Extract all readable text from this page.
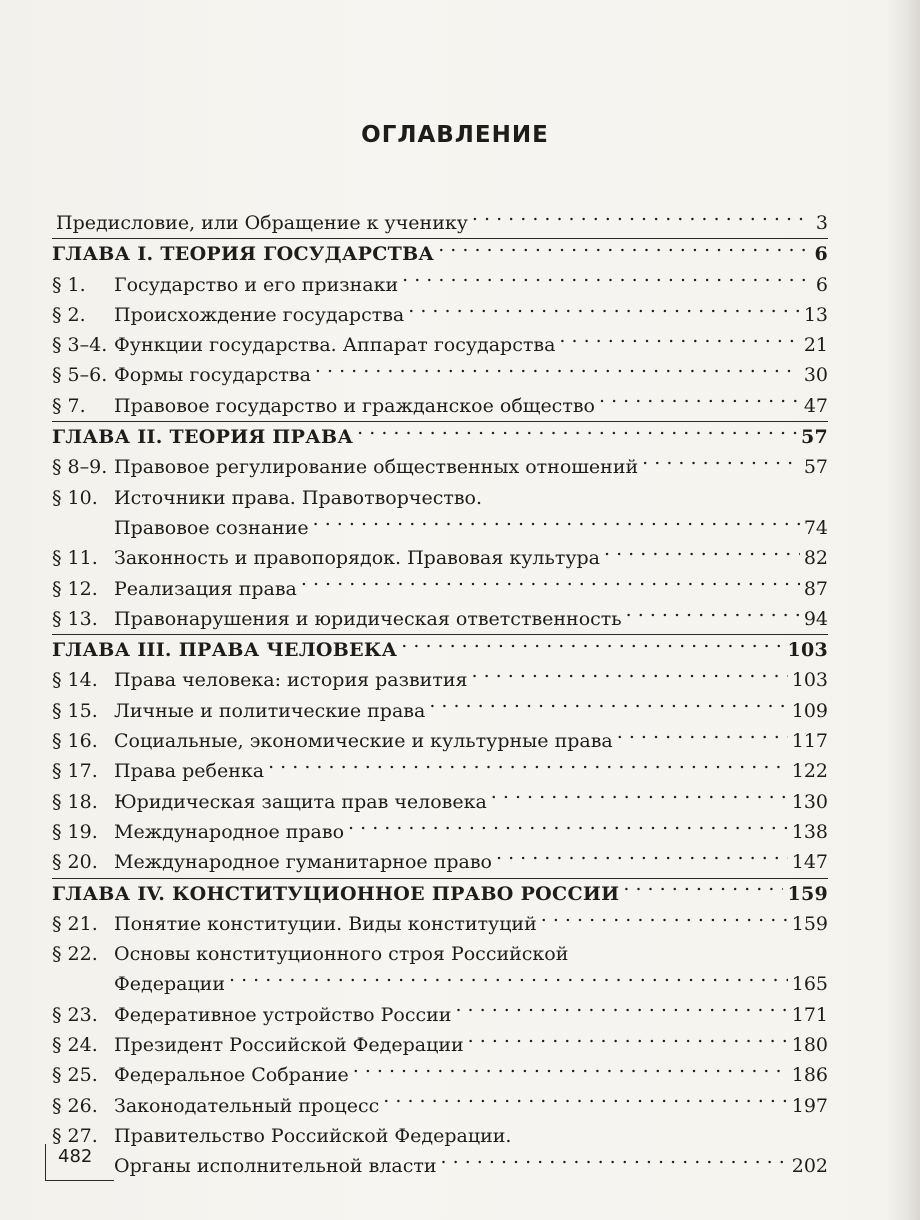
ОГЛАВЛЕНИЕ
Предисловие, или Обращение к ученику . . .	3
ГЛАВА I. ТЕОРИЯ ГОСУДАРСТВА . . .	6
§ 1.	Государство и его признаки . . .	6
§ 2.	Происхождение государства . . .	13
§ 3–4. Функции государства. Аппарат государства . . .	21
§ 5–6. Формы государства . . .	30
§ 7.	Правовое государство и гражданское общество . . .	47
ГЛАВА II. ТЕОРИЯ ПРАВА . . .	57
§ 8–9. Правовое регулирование общественных отношений . . .	57
§ 10. Источники права. Правотворчество.
Правовое сознание . . .	74
§ 11. Законность и правопорядок. Правовая культура . . .	82
§ 12. Реализация права . . .	87
§ 13. Правонарушения и юридическая ответственность . . .	94
ГЛАВА III. ПРАВА ЧЕЛОВЕКА . . .	103
§ 14. Права человека: история развития . . .	103
§ 15. Личные и политические права . . .	109
§ 16. Социальные, экономические и культурные права . . .	117
§ 17. Права ребенка . . .	122
§ 18. Юридическая защита прав человека . . .	130
§ 19. Международное право . . .	138
§ 20. Международное гуманитарное право . . .	147
ГЛАВА IV. КОНСТИТУЦИОННОЕ ПРАВО РОССИИ . . .	159
§ 21. Понятие конституции. Виды конституций . . .	159
§ 22. Основы конституционного строя Российской
Федерации . . .	165
§ 23. Федеративное устройство России . . .	171
§ 24. Президент Российской Федерации . . .	180
§ 25. Федеральное Собрание . . .	186
§ 26. Законодательный процесс . . .	197
§ 27. Правительство Российской Федерации.
Органы исполнительной власти . . .	202
482
